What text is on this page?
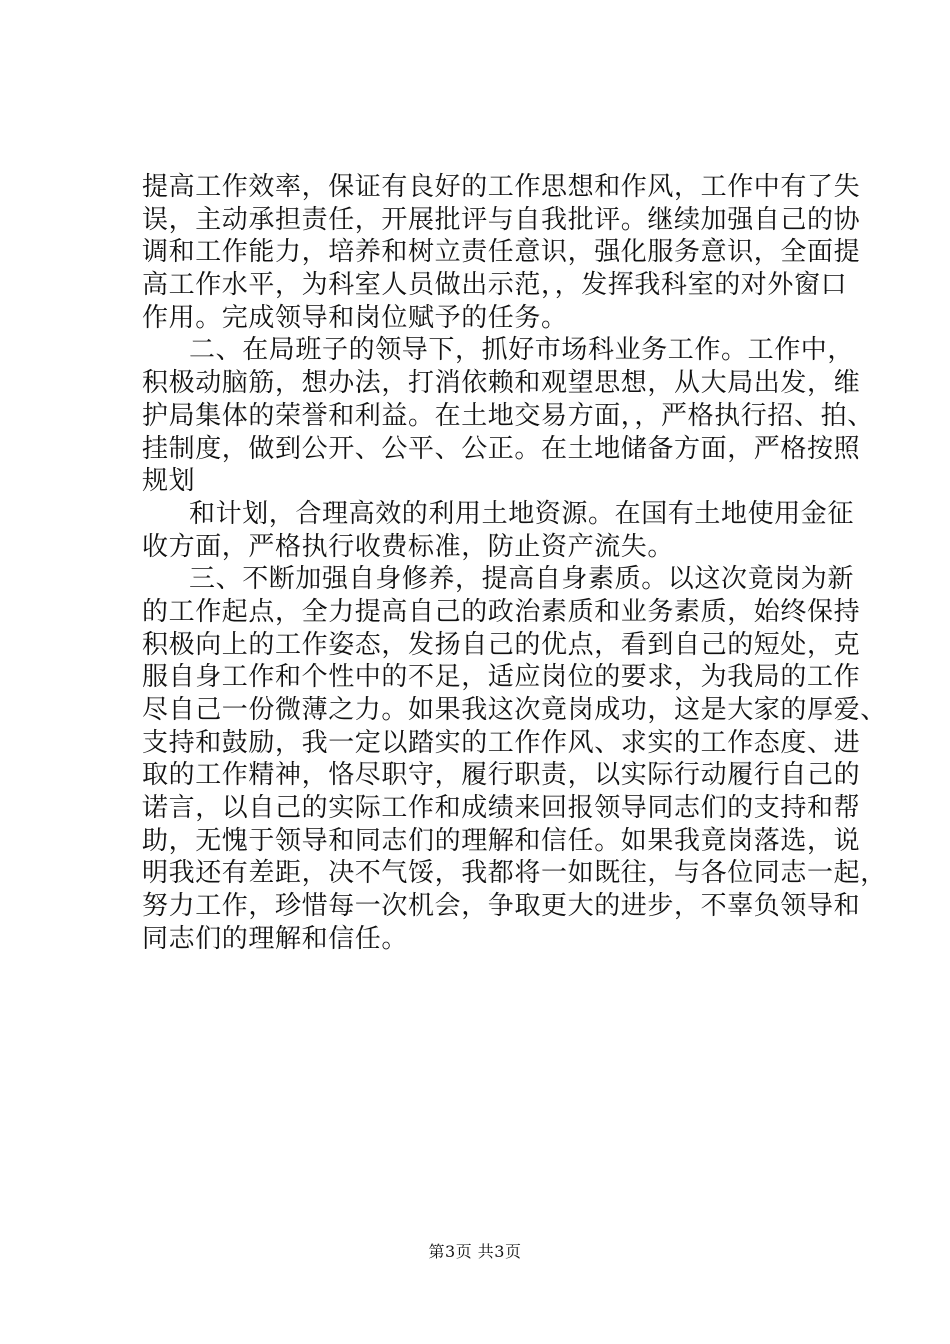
提高工作效率，保证有良好的工作思想和作风，工作中有了失
误，主动承担责任，开展批评与自我批评。继续加强自己的协
调和工作能力，培养和树立责任意识，强化服务意识，全面提
高工作水平，为科室人员做出示范，，发挥我科室的对外窗口
作用。完成领导和岗位赋予的任务。
二、在局班子的领导下，抓好市场科业务工作。工作中，
积极动脑筋，想办法，打消依赖和观望思想，从大局出发，维
护局集体的荣誉和利益。在土地交易方面，，严格执行招、拍、
挂制度，做到公开、公平、公正。在土地储备方面，严格按照
规划
和计划，合理高效的利用土地资源。在国有土地使用金征
收方面，严格执行收费标准，防止资产流失。
三、不断加强自身修养，提高自身素质。以这次竟岗为新
的工作起点，全力提高自己的政治素质和业务素质，始终保持
积极向上的工作姿态，发扬自己的优点，看到自己的短处，克
服自身工作和个性中的不足，适应岗位的要求，为我局的工作
尽自己一份微薄之力。如果我这次竟岗成功，这是大家的厚爱、
支持和鼓励，我一定以踏实的工作作风、求实的工作态度、进
取的工作精神，恪尽职守，履行职责，以实际行动履行自己的
诺言，以自己的实际工作和成绩来回报领导同志们的支持和帮
助，无愧于领导和同志们的理解和信任。如果我竟岗落选，说
明我还有差距，决不气馁，我都将一如既往，与各位同志一起，
努力工作，珍惜每一次机会，争取更大的进步，不辜负领导和
同志们的理解和信任。
第3页 共3页
